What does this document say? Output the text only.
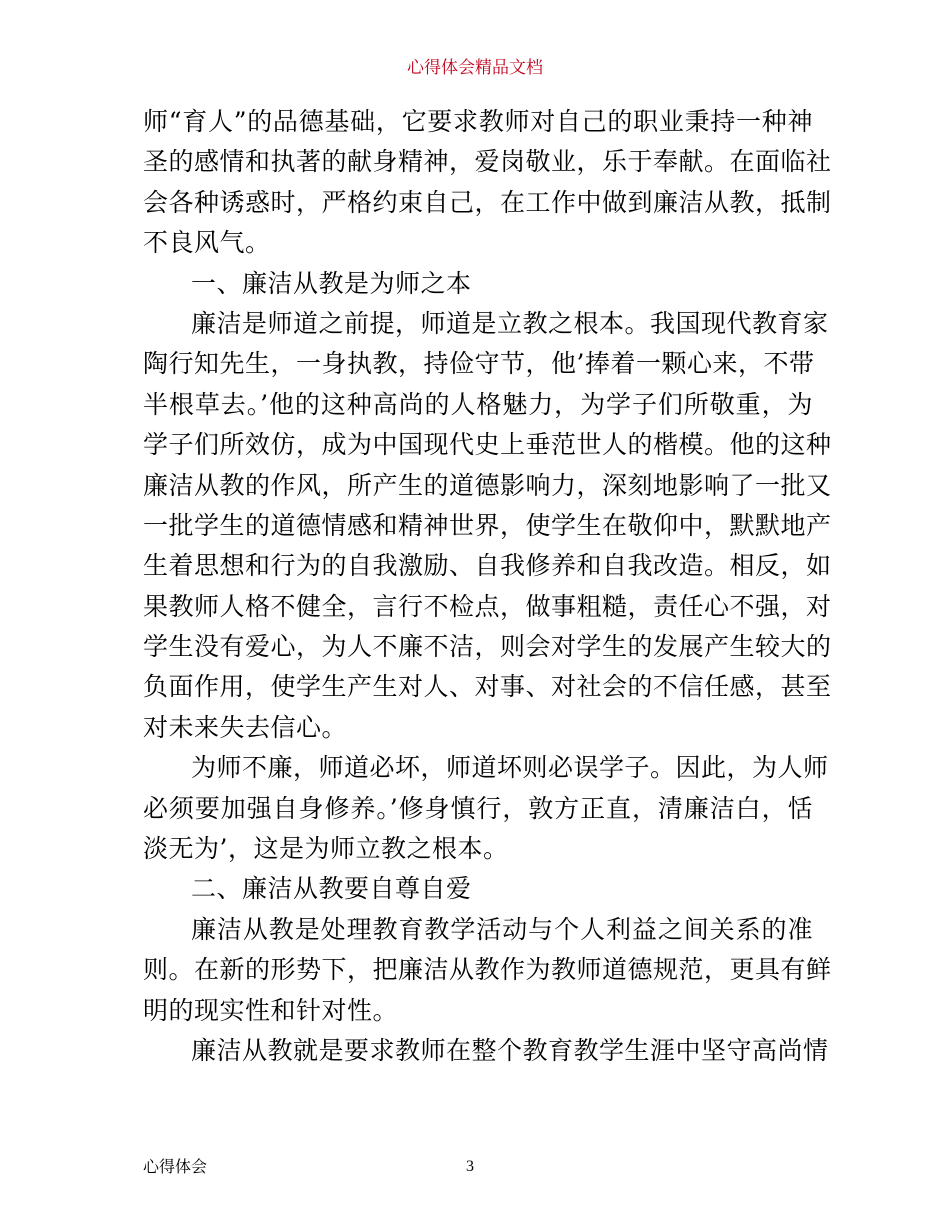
心得体会精品文档
师“育人”的品德基础，它要求教师对自己的职业秉持一种神
圣的感情和执著的献身精神，爱岗敬业，乐于奉献。在面临社
会各种诱惑时，严格约束自己，在工作中做到廉洁从教，抵制
不良风气。
一、廉洁从教是为师之本
廉洁是师道之前提，师道是立教之根本。我国现代教育家
陶行知先生，一身执教，持俭守节，他’捧着一颗心来，不带
半根草去。’他的这种高尚的人格魅力，为学子们所敬重，为
学子们所效仿，成为中国现代史上垂范世人的楷模。他的这种
廉洁从教的作风，所产生的道德影响力，深刻地影响了一批又
一批学生的道德情感和精神世界，使学生在敬仰中，默默地产
生着思想和行为的自我激励、自我修养和自我改造。相反，如
果教师人格不健全，言行不检点，做事粗糙，责任心不强，对
学生没有爱心，为人不廉不洁，则会对学生的发展产生较大的
负面作用，使学生产生对人、对事、对社会的不信任感，甚至
对未来失去信心。
为师不廉，师道必坏，师道坏则必误学子。因此，为人师
必须要加强自身修养。’修身慎行，敦方正直，清廉洁白，恬
淡无为’，这是为师立教之根本。
二、廉洁从教要自尊自爱
廉洁从教是处理教育教学活动与个人利益之间关系的准
则。在新的形势下，把廉洁从教作为教师道德规范，更具有鲜
明的现实性和针对性。
廉洁从教就是要求教师在整个教育教学生涯中坚守高尚情
心得体会	3
